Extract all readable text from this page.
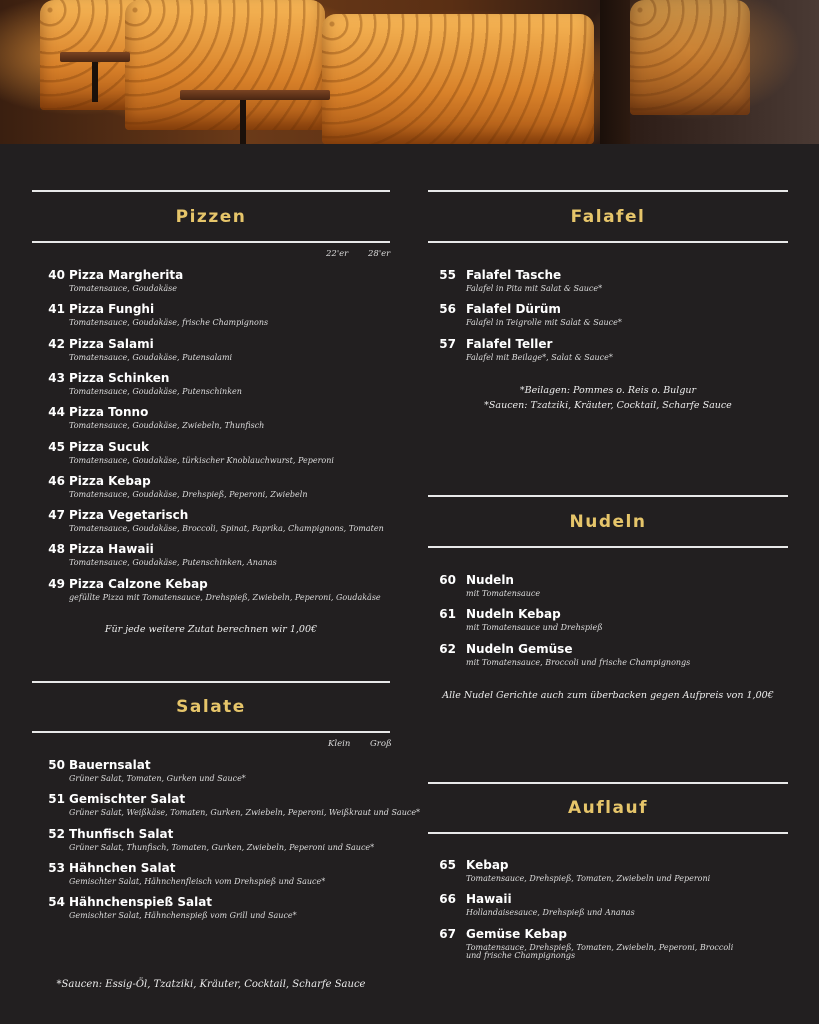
Pizzen
22'er 28'er
40 Pizza Margherita
Tomatensauce, Goudakäse
41 Pizza Funghi
Tomatensauce, Goudakäse, frische Champignons
42 Pizza Salami
Tomatensauce, Goudakäse, Putensalami
43 Pizza Schinken
Tomatensauce, Goudakäse, Putenschinken
44 Pizza Tonno
Tomatensauce, Goudakäse, Zwiebeln, Thunfisch
45 Pizza Sucuk
Tomatensauce, Goudakäse, türkischer Knoblauchwurst, Peperoni
46 Pizza Kebap
Tomatensauce, Goudakäse, Drehspieß, Peperoni, Zwiebeln
47 Pizza Vegetarisch
Tomatensauce, Goudakäse, Broccoli, Spinat, Paprika, Champignons, Tomaten
48 Pizza Hawaii
Tomatensauce, Goudakäse, Putenschinken, Ananas
49 Pizza Calzone Kebap
gefüllte Pizza mit Tomatensauce, Drehspieß, Zwiebeln, Peperoni, Goudakäse
Für jede weitere Zutat berechnen wir 1,00€
Salate
Klein Groß
50 Bauernsalat
Grüner Salat, Tomaten, Gurken und Sauce*
51 Gemischter Salat
Grüner Salat, Weißkäse, Tomaten, Gurken, Zwiebeln, Peperoni, Weißkraut und Sauce*
52 Thunfisch Salat
Grüner Salat, Thunfisch, Tomaten, Gurken, Zwiebeln, Peperoni und Sauce*
53 Hähnchen Salat
Gemischter Salat, Hähnchenfleisch vom Drehspieß und Sauce*
54 Hähnchenspieß Salat
Gemischter Salat, Hähnchenspieß vom Grill und Sauce*
*Saucen: Essig-Öl, Tzatziki, Kräuter, Cocktail, Scharfe Sauce
Falafel
55 Falafel Tasche
Falafel in Pita mit Salat & Sauce*
56 Falafel Dürüm
Falafel in Teigrolle mit Salat & Sauce*
57 Falafel Teller
Falafel mit Beilage*, Salat & Sauce*
*Beilagen: Pommes o. Reis o. Bulgur
*Saucen: Tzatziki, Kräuter, Cocktail, Scharfe Sauce
Nudeln
60 Nudeln
mit Tomatensauce
61 Nudeln Kebap
mit Tomatensauce und Drehspieß
62 Nudeln Gemüse
mit Tomatensauce, Broccoli und frische Champignongs
Alle Nudel Gerichte auch zum überbacken gegen Aufpreis von 1,00€
Auflauf
65 Kebap
Tomatensauce, Drehspieß, Tomaten, Zwiebeln und Peperoni
66 Hawaii
Hollandaisesauce, Drehspieß und Ananas
67 Gemüse Kebap
Tomatensauce, Drehspieß, Tomaten, Zwiebeln, Peperoni, Broccoli
und frische Champignongs
